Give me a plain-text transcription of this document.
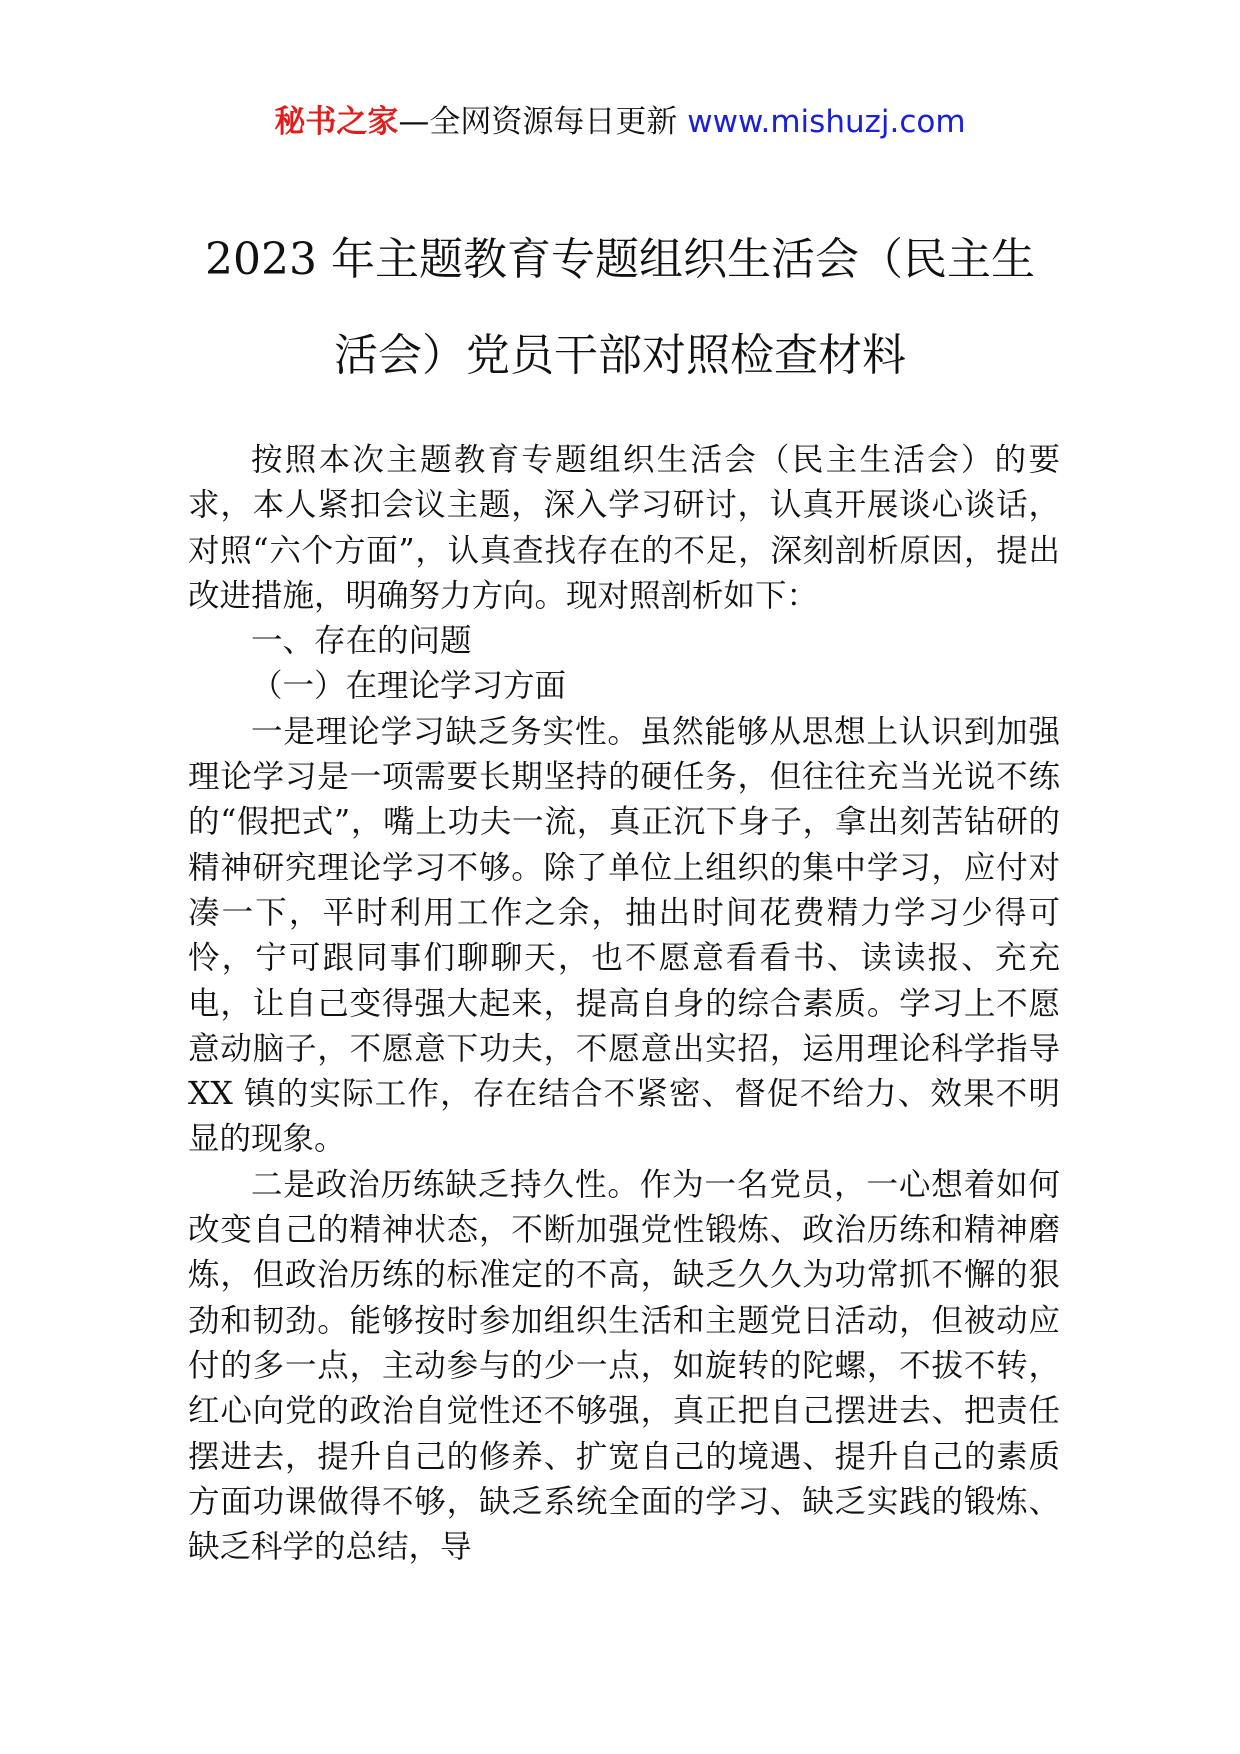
秘书之家—全网资源每日更新 www.mishuzj.com
2023 年主题教育专题组织生活会（民主生
活会）党员干部对照检查材料

按照本次主题教育专题组织生活会（民主生活会）的要求，本人紧扣会议主题，深入学习研讨，认真开展谈心谈话，对照“六个方面”，认真查找存在的不足，深刻剖析原因，提出改进措施，明确努力方向。现对照剖析如下：

一、存在的问题

（一）在理论学习方面

一是理论学习缺乏务实性。虽然能够从思想上认识到加强理论学习是一项需要长期坚持的硬任务，但往往充当光说不练的“假把式”，嘴上功夫一流，真正沉下身子，拿出刻苦钻研的精神研究理论学习不够。除了单位上组织的集中学习，应付对凑一下，平时利用工作之余，抽出时间花费精力学习少得可怜，宁可跟同事们聊聊天，也不愿意看看书、读读报、充充电，让自己变得强大起来，提高自身的综合素质。学习上不愿意动脑子，不愿意下功夫，不愿意出实招，运用理论科学指导 XX 镇的实际工作，存在结合不紧密、督促不给力、效果不明显的现象。

二是政治历练缺乏持久性。作为一名党员，一心想着如何改变自己的精神状态，不断加强党性锻炼、政治历练和精神磨炼，但政治历练的标准定的不高，缺乏久久为功常抓不懈的狠劲和韧劲。能够按时参加组织生活和主题党日活动，但被动应付的多一点，主动参与的少一点，如旋转的陀螺，不拔不转，红心向党的政治自觉性还不够强，真正把自己摆进去、把责任摆进去，提升自己的修养、扩宽自己的境遇、提升自己的素质方面功课做得不够，缺乏系统全面的学习、缺乏实践的锻炼、缺乏科学的总结，导
